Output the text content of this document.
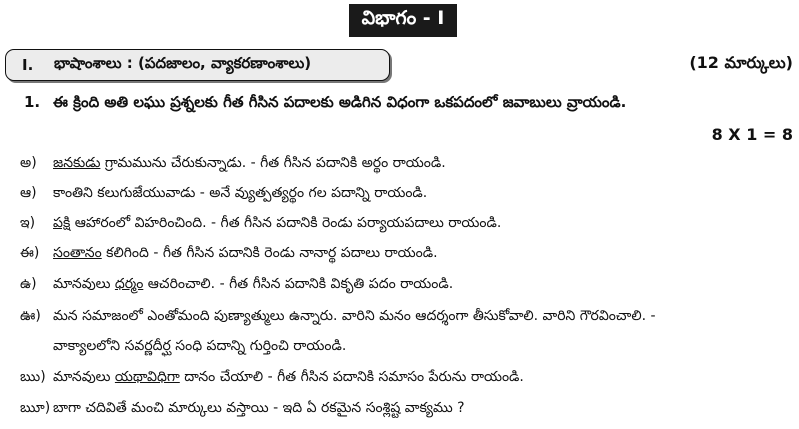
విభాగం - I
I.	భాషాంశాలు : (పదజాలం, వ్యాకరణాంశాలు)	(12 మార్కులు)
1. ఈ క్రింది అతి లఘు ప్రశ్నలకు గీత గీసిన పదాలకు అడిగిన విధంగా ఒకపదంలో జవాబులు వ్రాయండి.
8 X 1 = 8
అ) జనకుడు గ్రామమును చేరుకున్నాడు. - గీత గీసిన పదానికి అర్థం రాయండి.
ఆ) కాంతిని కలుగుజేయువాడు - అనే వ్యుత్పత్యర్థం గల పదాన్ని రాయండి.
ఇ) పక్షి ఆహారంలో విహరించింది. - గీత గీసిన పదానికి రెండు పర్యాయపదాలు రాయండి.
ఈ) సంతానం కలిగింది - గీత గీసిన పదానికి రెండు నానార్థ పదాలు రాయండి.
ఉ) మానవులు ధర్మం ఆచరించాలి. - గీత గీసిన పదానికి వికృతి పదం రాయండి.
ఊ) మన సమాజంలో ఎంతోమంది పుణ్యాత్ములు ఉన్నారు. వారిని మనం ఆదర్శంగా తీసుకోవాలి. వారిని గౌరవించాలి. -
వాక్యాలలోని సవర్ణదీర్ఘ సంధి పదాన్ని గుర్తించి రాయండి.
ఋ) మానవులు యథావిధిగా దానం చేయాలి - గీత గీసిన పదానికి సమాసం పేరును రాయండి.
ౠ) బాగా చదివితే మంచి మార్కులు వస్తాయి - ఇది ఏ రకమైన సంశ్లిష్ట వాక్యము ?
